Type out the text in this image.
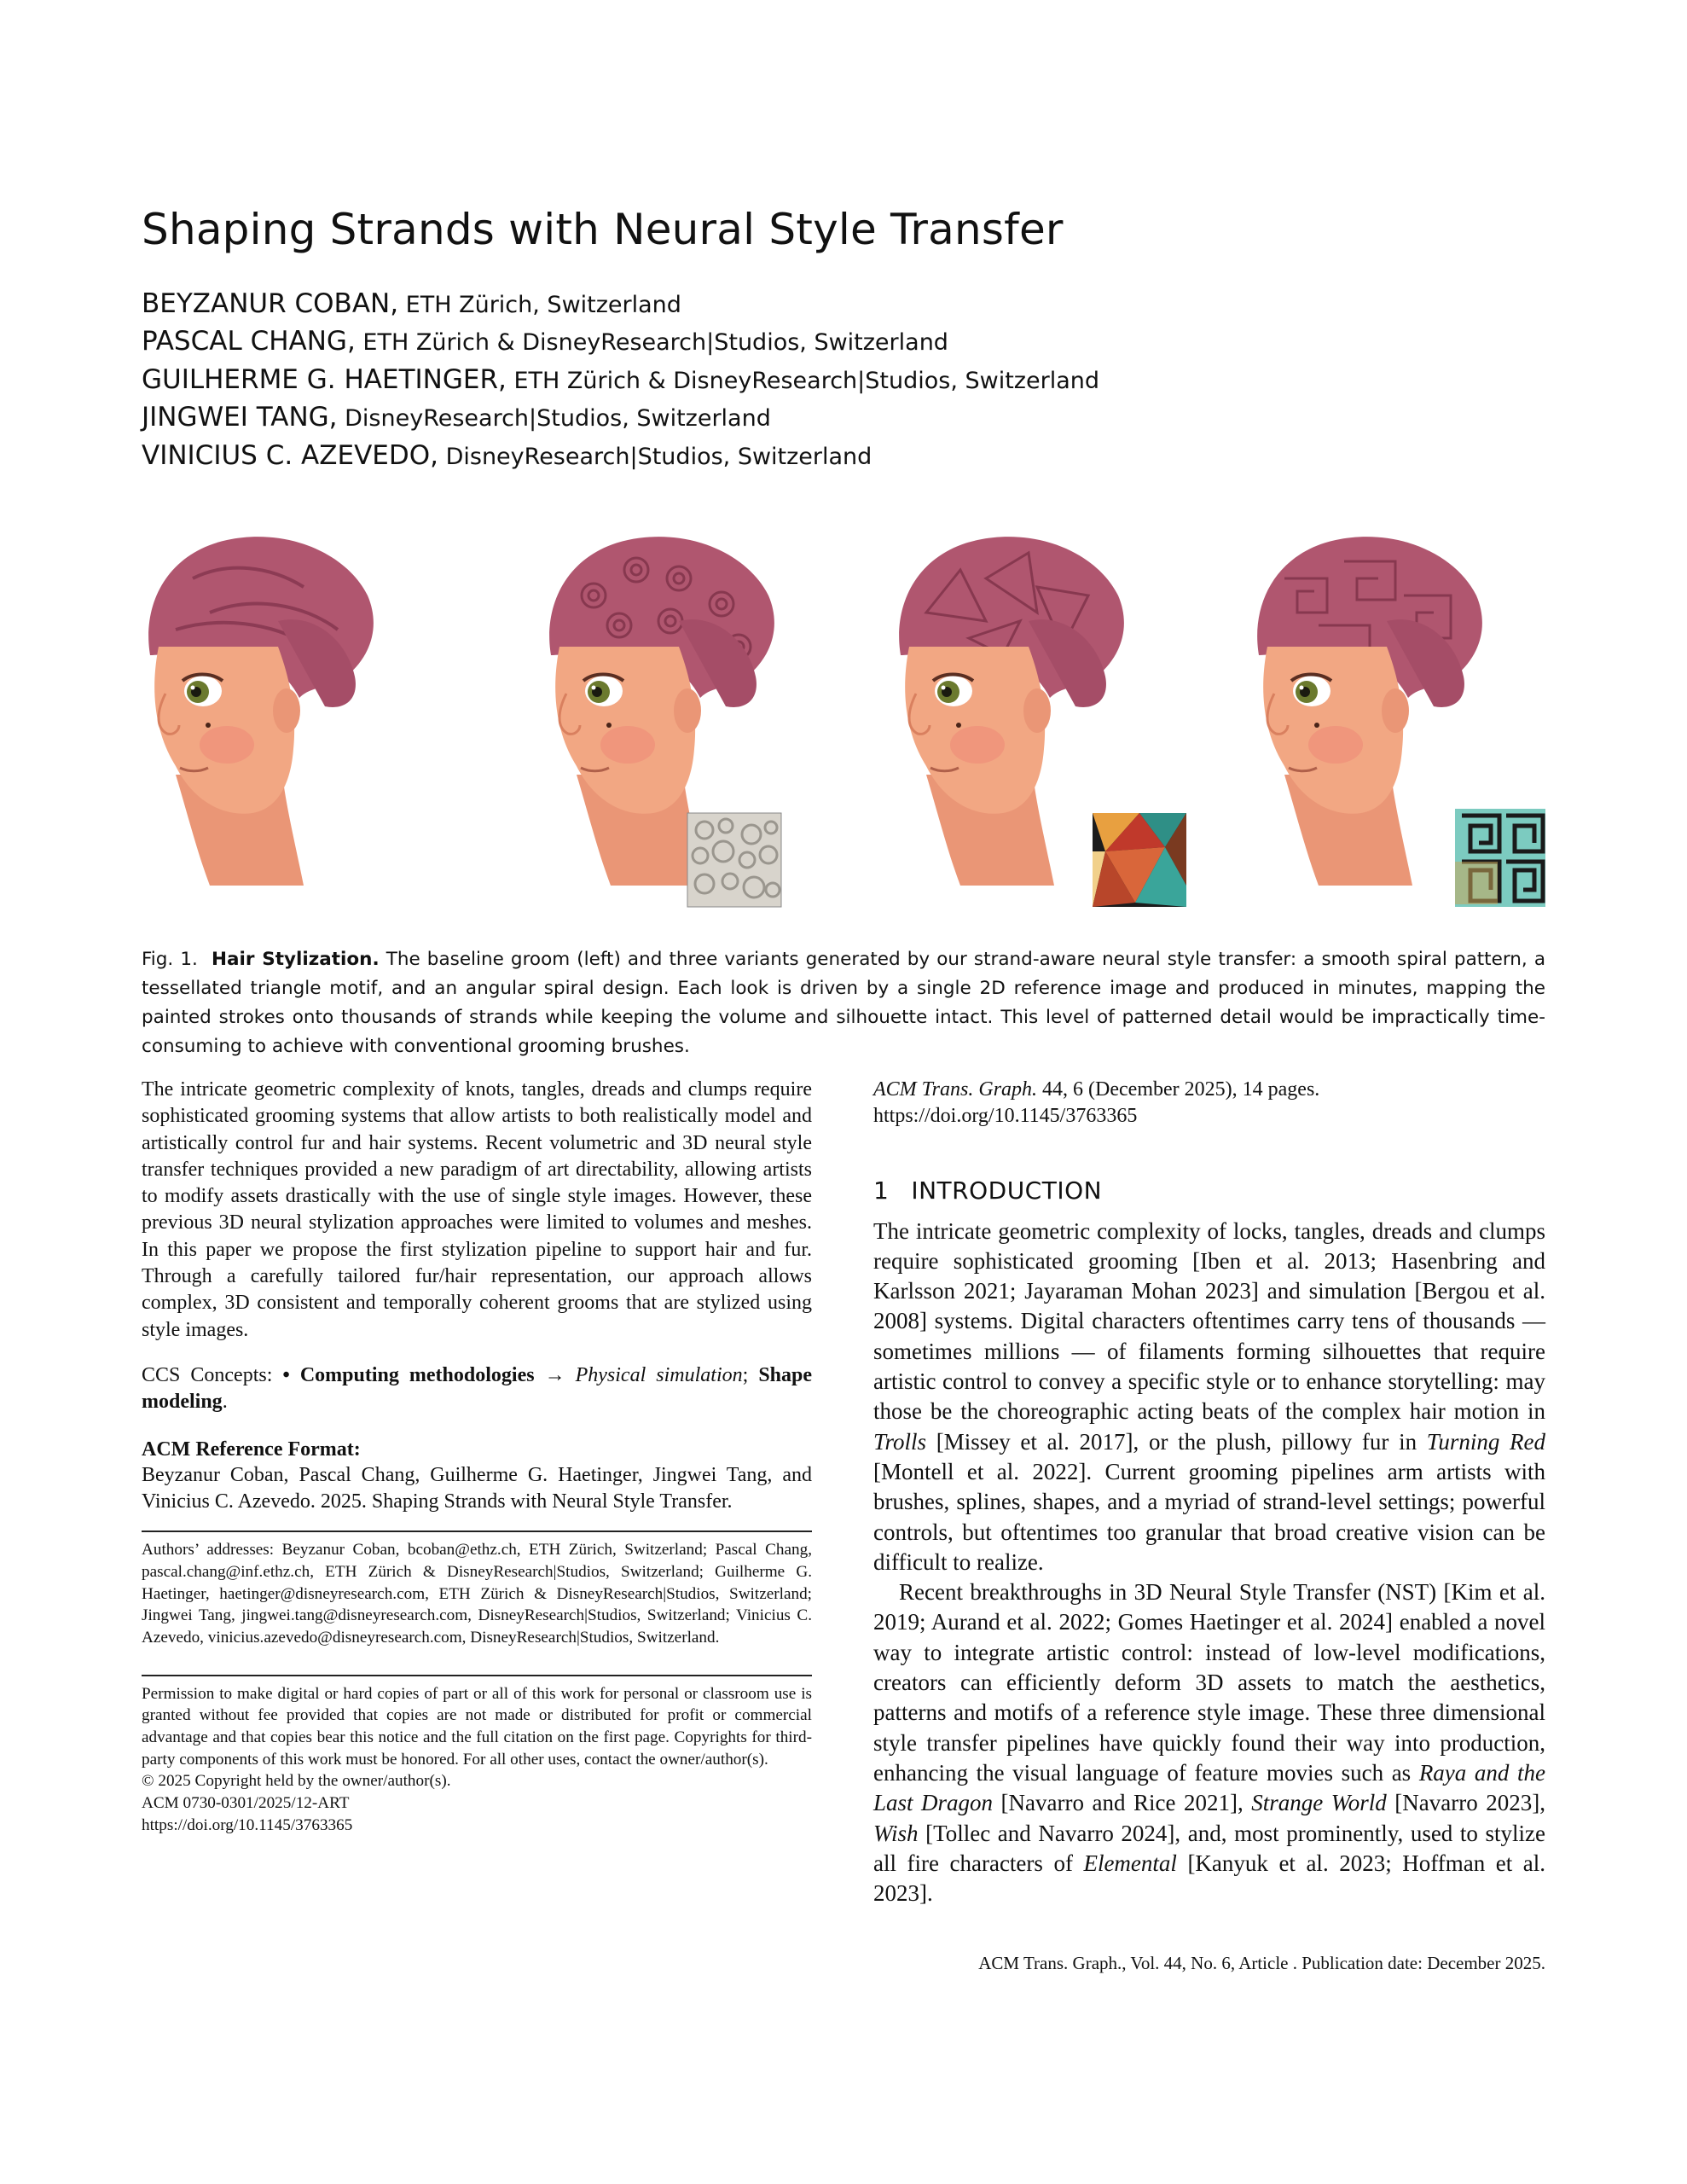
Shaping Strands with Neural Style Transfer
BEYZANUR COBAN, ETH Zürich, Switzerland
PASCAL CHANG, ETH Zürich & DisneyResearch|Studios, Switzerland
GUILHERME G. HAETINGER, ETH Zürich & DisneyResearch|Studios, Switzerland
JINGWEI TANG, DisneyResearch|Studios, Switzerland
VINICIUS C. AZEVEDO, DisneyResearch|Studios, Switzerland
Fig. 1. Hair Stylization. The baseline groom (left) and three variants generated by our strand-aware neural style transfer: a smooth spiral pattern, a tessellated triangle motif, and an angular spiral design. Each look is driven by a single 2D reference image and produced in minutes, mapping the painted strokes onto thousands of strands while keeping the volume and silhouette intact. This level of patterned detail would be impractically time-consuming to achieve with conventional grooming brushes.

The intricate geometric complexity of knots, tangles, dreads and clumps require sophisticated grooming systems that allow artists to both realistically model and artistically control fur and hair systems. Recent volumetric and 3D neural style transfer techniques provided a new paradigm of art directability, allowing artists to modify assets drastically with the use of single style images. However, these previous 3D neural stylization approaches were limited to volumes and meshes. In this paper we propose the first stylization pipeline to support hair and fur. Through a carefully tailored fur/hair representation, our approach allows complex, 3D consistent and temporally coherent grooms that are stylized using style images.

CCS Concepts: • Computing methodologies → Physical simulation; Shape modeling.

ACM Reference Format:

Beyzanur Coban, Pascal Chang, Guilherme G. Haetinger, Jingwei Tang, and Vinicius C. Azevedo. 2025. Shaping Strands with Neural Style Transfer.

Authors’ addresses: Beyzanur Coban, bcoban@ethz.ch, ETH Zürich, Switzerland; Pascal Chang, pascal.chang@inf.ethz.ch, ETH Zürich & DisneyResearch|Studios, Switzerland; Guilherme G. Haetinger, haetinger@disneyresearch.com, ETH Zürich & DisneyResearch|Studios, Switzerland; Jingwei Tang, jingwei.tang@disneyresearch.com, DisneyResearch|Studios, Switzerland; Vinicius C. Azevedo, vinicius.azevedo@disneyresearch.com, DisneyResearch|Studios, Switzerland.

Permission to make digital or hard copies of part or all of this work for personal or classroom use is granted without fee provided that copies are not made or distributed for profit or commercial advantage and that copies bear this notice and the full citation on the first page. Copyrights for third-party components of this work must be honored. For all other uses, contact the owner/author(s).

© 2025 Copyright held by the owner/author(s).

ACM 0730-0301/2025/12-ART

https://doi.org/10.1145/3763365

ACM Trans. Graph. 44, 6 (December 2025), 14 pages. https://doi.org/10.1145/3763365

1 INTRODUCTION

The intricate geometric complexity of locks, tangles, dreads and clumps require sophisticated grooming [Iben et al. 2013; Hasenbring and Karlsson 2021; Jayaraman Mohan 2023] and simulation [Bergou et al. 2008] systems. Digital characters oftentimes carry tens of thousands — sometimes millions — of filaments forming silhouettes that require artistic control to convey a specific style or to enhance storytelling: may those be the choreographic acting beats of the complex hair motion in Trolls [Missey et al. 2017], or the plush, pillowy fur in Turning Red [Montell et al. 2022]. Current grooming pipelines arm artists with brushes, splines, shapes, and a myriad of strand-level settings; powerful controls, but oftentimes too granular that broad creative vision can be difficult to realize.

Recent breakthroughs in 3D Neural Style Transfer (NST) [Kim et al. 2019; Aurand et al. 2022; Gomes Haetinger et al. 2024] enabled a novel way to integrate artistic control: instead of low-level modifications, creators can efficiently deform 3D assets to match the aesthetics, patterns and motifs of a reference style image. These three dimensional style transfer pipelines have quickly found their way into production, enhancing the visual language of feature movies such as Raya and the Last Dragon [Navarro and Rice 2021], Strange World [Navarro 2023], Wish [Tollec and Navarro 2024], and, most prominently, used to stylize all fire characters of Elemental [Kanyuk et al. 2023; Hoffman et al. 2023].

ACM Trans. Graph., Vol. 44, No. 6, Article . Publication date: December 2025.
